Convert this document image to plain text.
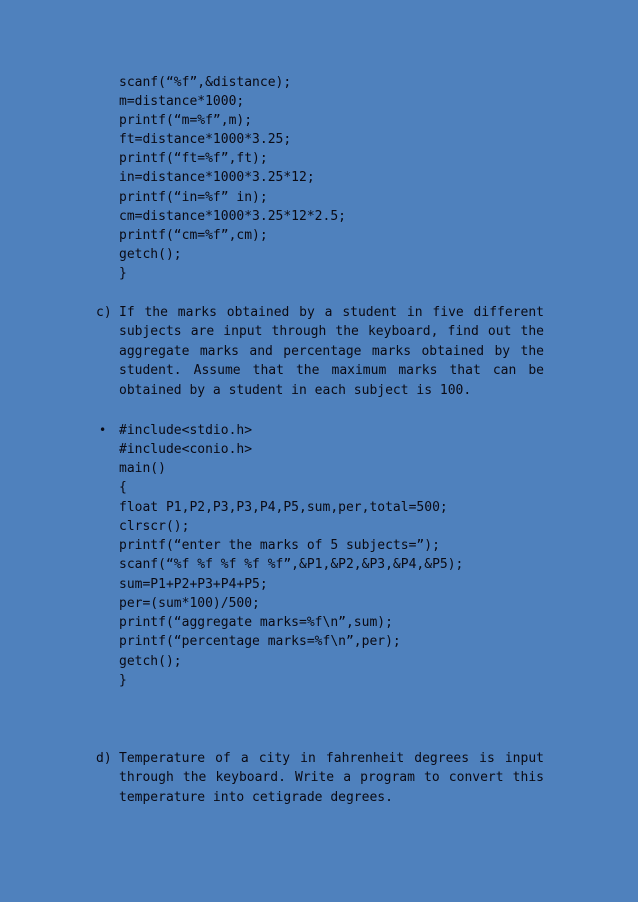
scanf(“%f”,&distance);
m=distance*1000;
printf(“m=%f”,m);
ft=distance*1000*3.25;
printf(“ft=%f”,ft);
in=distance*1000*3.25*12;
printf(“in=%f” in);
cm=distance*1000*3.25*12*2.5;
printf(“cm=%f”,cm);
getch();
}
c) If the marks obtained by a student in five different subjects are input through the keyboard, find out the aggregate marks and percentage marks obtained by the student. Assume that the maximum marks that can be obtained by a student in each subject is 100.
• #include<stdio.h>
#include<conio.h>
main()
{
float P1,P2,P3,P3,P4,P5,sum,per,total=500;
clrscr();
printf(“enter the marks of 5 subjects=”);
scanf(“%f %f %f %f %f”,&P1,&P2,&P3,&P4,&P5);
sum=P1+P2+P3+P4+P5;
per=(sum*100)/500;
printf(“aggregate marks=%f\n”,sum);
printf(“percentage marks=%f\n”,per);
getch();
}
d) Temperature of a city in fahrenheit degrees is input through the keyboard. Write a program to convert this temperature into cetigrade degrees.
